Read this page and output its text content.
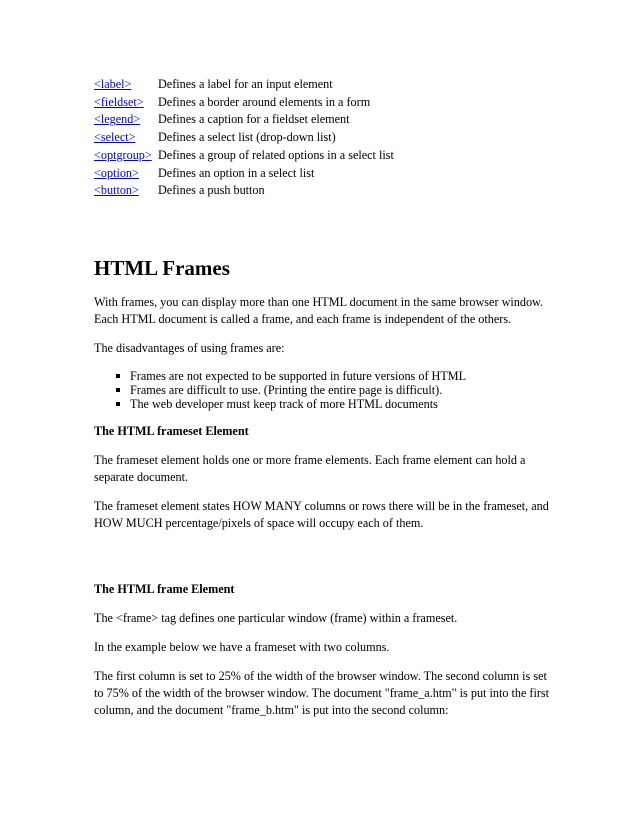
<label>	Defines a label for an input element
<fieldset>	Defines a border around elements in a form
<legend>	Defines a caption for a fieldset element
<select>	Defines a select list (drop-down list)
<optgroup>	Defines a group of related options in a select list
<option>	Defines an option in a select list
<button>	Defines a push button
HTML Frames

With frames, you can display more than one HTML document in the same browser window. Each HTML document is called a frame, and each frame is independent of the others.

The disadvantages of using frames are:

Frames are not expected to be supported in future versions of HTML
Frames are difficult to use. (Printing the entire page is difficult).
The web developer must keep track of more HTML documents
The HTML frameset Element

The frameset element holds one or more frame elements. Each frame element can hold a separate document.

The frameset element states HOW MANY columns or rows there will be in the frameset, and HOW MUCH percentage/pixels of space will occupy each of them.

The HTML frame Element

The <frame> tag defines one particular window (frame) within a frameset.

In the example below we have a frameset with two columns.

The first column is set to 25% of the width of the browser window. The second column is set to 75% of the width of the browser window. The document "frame_a.htm" is put into the first column, and the document "frame_b.htm" is put into the second column:
